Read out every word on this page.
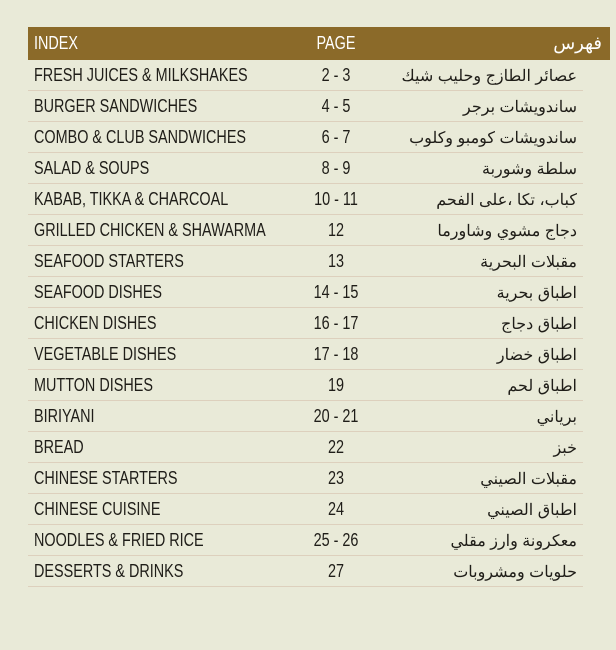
INDEX	PAGE	فهرس
FRESH JUICES & MILKSHAKES	2 - 3	عصائر الطازج وحليب شيك
BURGER SANDWICHES	4 - 5	ساندويشات برجر
COMBO & CLUB SANDWICHES	6 - 7	ساندويشات كومبو وكلوب
SALAD & SOUPS	8 - 9	سلطة وشوربة
KABAB, TIKKA & CHARCOAL	10 - 11	كباب، تكا ،على الفحم
GRILLED CHICKEN & SHAWARMA	12	دجاج مشوي وشاورما
SEAFOOD STARTERS	13	مقبلات البحرية
SEAFOOD DISHES	14 - 15	اطباق بحرية
CHICKEN DISHES	16 - 17	اطباق دجاج
VEGETABLE DISHES	17 - 18	اطباق خضار
MUTTON DISHES	19	اطباق لحم
BIRIYANI	20 - 21	برياني
BREAD	22	خبز
CHINESE STARTERS	23	مقبلات الصيني
CHINESE CUISINE	24	اطباق الصيني
NOODLES & FRIED RICE	25 - 26	معكرونة وارز مقلي
DESSERTS & DRINKS	27	حلويات ومشروبات
